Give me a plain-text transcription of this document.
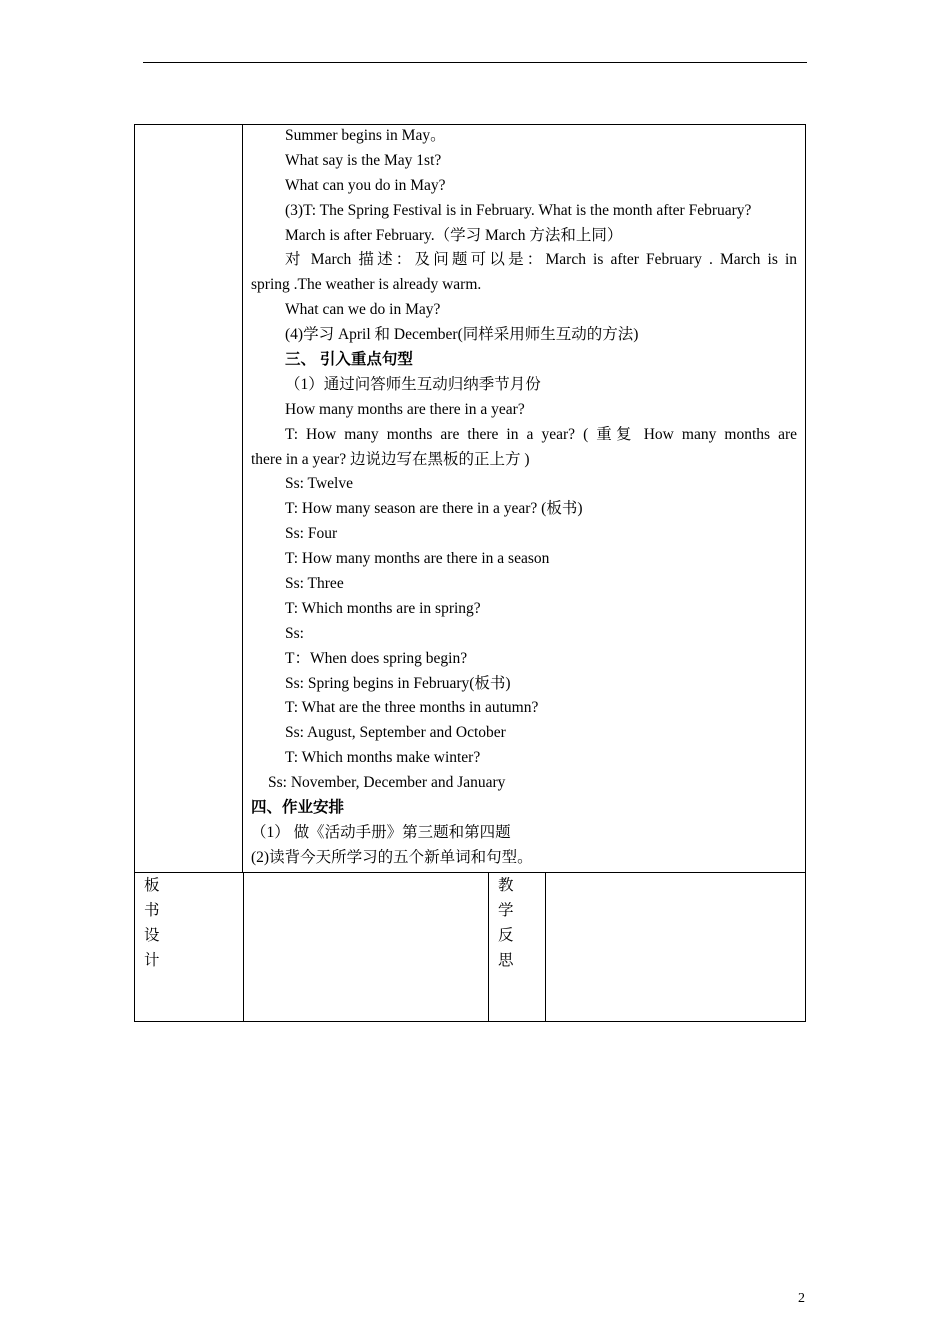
Summer begins in May。
What say is the May 1st?
What can you do in May?
(3)T: The Spring Festival is in February. What is the month after February?
March is after February.（学习 March 方法和上同）
对 March 描述：及问题可以是：March is after February . March is in
spring .The weather is already warm.
What can we do in May?
(4)学习 April 和 December(同样采用师生互动的方法)
三、 引入重点句型
（1）通过问答师生互动归纳季节月份
How many months are there in a year?
T: How many months are there in a year? ( 重复 How many months are
there in a year? 边说边写在黑板的正上方 )
Ss: Twelve
T: How many season are there in a year? (板书)
Ss: Four
T: How many months are there in a season
Ss: Three
T: Which months are in spring?
Ss:
T：When does spring begin?
Ss: Spring begins in February(板书)
T: What are the three months in autumn?
Ss: August, September and October
T: Which months make winter?
Ss: November, December and January
四、作业安排
（1） 做《活动手册》第三题和第四题
(2)读背今天所学习的五个新单词和句型。
板
书
设
计
教
学
反
思
2
